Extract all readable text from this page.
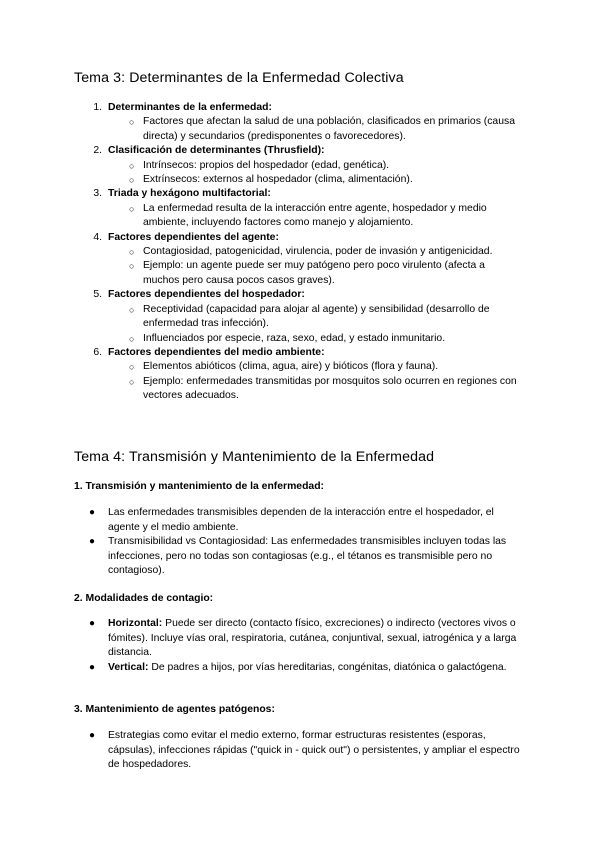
Tema 3: Determinantes de la Enfermedad Colectiva
1. Determinantes de la enfermedad:
○ Factores que afectan la salud de una población, clasificados en primarios (causa directa) y secundarios (predisponentes o favorecedores).
2. Clasificación de determinantes (Thrusfield):
○ Intrínsecos: propios del hospedador (edad, genética).
○ Extrínsecos: externos al hospedador (clima, alimentación).
3. Triada y hexágono multifactorial:
○ La enfermedad resulta de la interacción entre agente, hospedador y medio ambiente, incluyendo factores como manejo y alojamiento.
4. Factores dependientes del agente:
○ Contagiosidad, patogenicidad, virulencia, poder de invasión y antigenicidad.
○ Ejemplo: un agente puede ser muy patógeno pero poco virulento (afecta a muchos pero causa pocos casos graves).
5. Factores dependientes del hospedador:
○ Receptividad (capacidad para alojar al agente) y sensibilidad (desarrollo de enfermedad tras infección).
○ Influenciados por especie, raza, sexo, edad, y estado inmunitario.
6. Factores dependientes del medio ambiente:
○ Elementos abióticos (clima, agua, aire) y bióticos (flora y fauna).
○ Ejemplo: enfermedades transmitidas por mosquitos solo ocurren en regiones con vectores adecuados.
Tema 4: Transmisión y Mantenimiento de la Enfermedad
1. Transmisión y mantenimiento de la enfermedad:
● Las enfermedades transmisibles dependen de la interacción entre el hospedador, el agente y el medio ambiente.
● Transmisibilidad vs Contagiosidad: Las enfermedades transmisibles incluyen todas las infecciones, pero no todas son contagiosas (e.g., el tétanos es transmisible pero no contagioso).
2. Modalidades de contagio:
● Horizontal: Puede ser directo (contacto físico, excreciones) o indirecto (vectores vivos o fómites). Incluye vías oral, respiratoria, cutánea, conjuntival, sexual, iatrogénica y a larga distancia.
● Vertical: De padres a hijos, por vías hereditarias, congénitas, diatónica o galactógena.
3. Mantenimiento de agentes patógenos:
● Estrategias como evitar el medio externo, formar estructuras resistentes (esporas, cápsulas), infecciones rápidas ("quick in - quick out") o persistentes, y ampliar el espectro de hospedadores.
